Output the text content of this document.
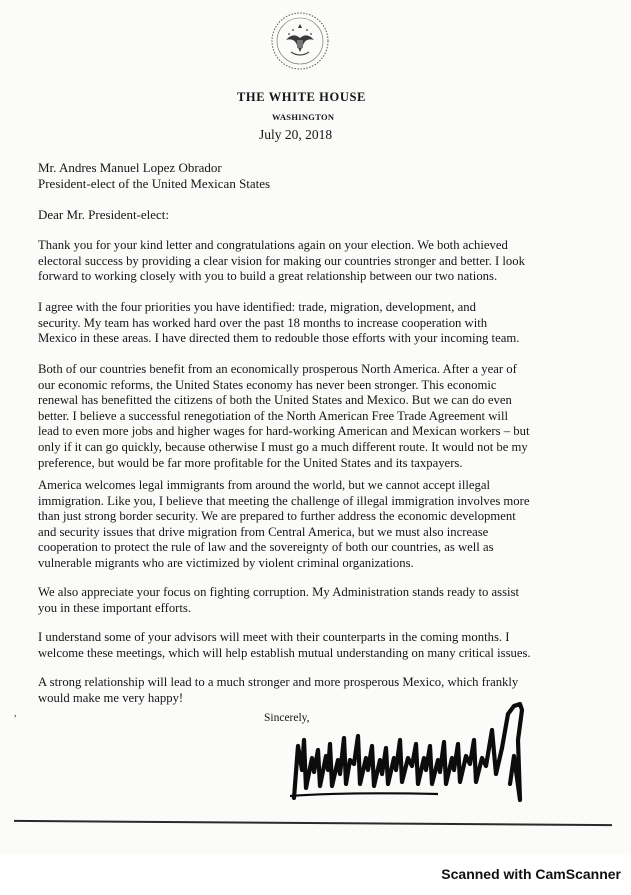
THE WHITE HOUSE
WASHINGTON
July 20, 2018
Mr. Andres Manuel Lopez Obrador
President-elect of the United Mexican States
Dear Mr. President-elect:

Thank you for your kind letter and congratulations again on your election. We both achieved
electoral success by providing a clear vision for making our countries stronger and better. I look
forward to working closely with you to build a great relationship between our two nations.

I agree with the four priorities you have identified: trade, migration, development, and
security. My team has worked hard over the past 18 months to increase cooperation with
Mexico in these areas. I have directed them to redouble those efforts with your incoming team.

Both of our countries benefit from an economically prosperous North America. After a year of
our economic reforms, the United States economy has never been stronger. This economic
renewal has benefitted the citizens of both the United States and Mexico. But we can do even
better. I believe a successful renegotiation of the North American Free Trade Agreement will
lead to even more jobs and higher wages for hard-working American and Mexican workers – but
only if it can go quickly, because otherwise I must go a much different route. It would not be my
preference, but would be far more profitable for the United States and its taxpayers.

America welcomes legal immigrants from around the world, but we cannot accept illegal
immigration. Like you, I believe that meeting the challenge of illegal immigration involves more
than just strong border security. We are prepared to further address the economic development
and security issues that drive migration from Central America, but we must also increase
cooperation to protect the rule of law and the sovereignty of both our countries, as well as
vulnerable migrants who are victimized by violent criminal organizations.

We also appreciate your focus on fighting corruption. My Administration stands ready to assist
you in these important efforts.

I understand some of your advisors will meet with their counterparts in the coming months. I
welcome these meetings, which will help establish mutual understanding on many critical issues.

A strong relationship will lead to a much stronger and more prosperous Mexico, which frankly
would make me very happy!

Sincerely,
,
Scanned with CamScanner
